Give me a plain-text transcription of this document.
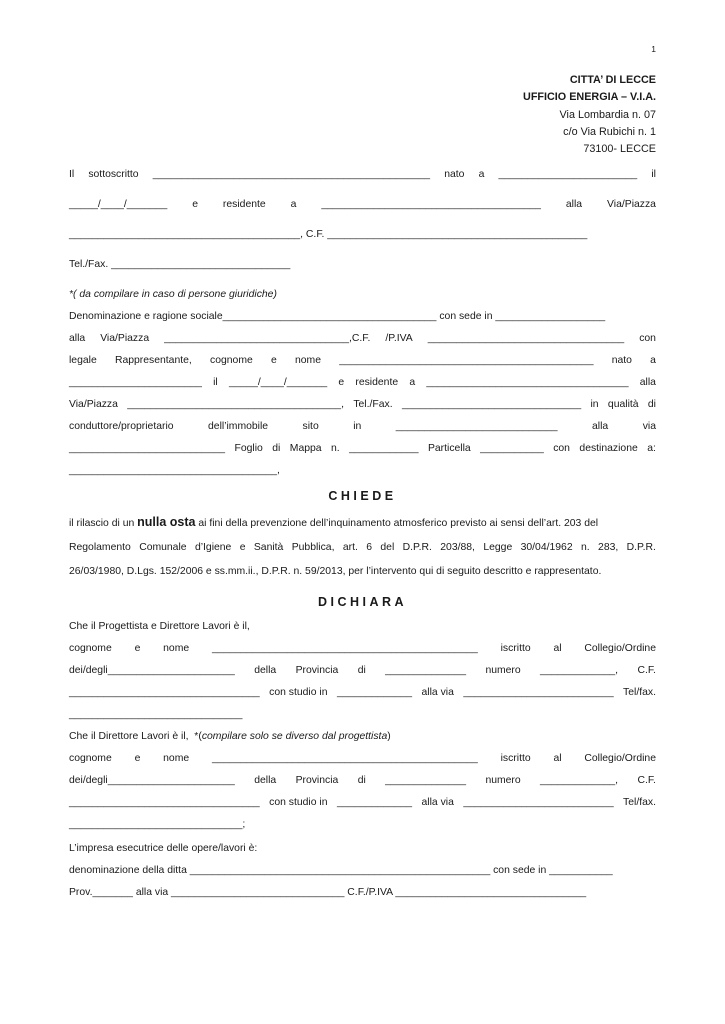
1
CITTA’ DI LECCE
UFFICIO ENERGIA – V.I.A.
Via Lombardia n. 07
c/o Via Rubichi n. 1
73100- LECCE
Il sottoscritto ________________________________________________ nato a ________________________ il
_____/____/_______ e residente a ______________________________________ alla Via/Piazza
________________________________________, C.F. _____________________________________________
Tel./Fax. _______________________________
*( da compilare in caso di persone giuridiche)
Denominazione e ragione sociale_____________________________________ con sede in ___________________
alla Via/Piazza ________________________________,C.F. /P.IVA __________________________________ con
legale Rappresentante, cognome e nome ____________________________________________ nato a
_______________________ il _____/____/_______ e residente a ___________________________________ alla
Via/Piazza _____________________________________, Tel./Fax. _______________________________ in qualità di
conduttore/proprietario	dell’immobile	sito	in	____________________________	alla	via
___________________________ Foglio di Mappa n. ____________ Particella ___________ con destinazione a:
____________________________________,
CHIEDE
il rilascio di un nulla osta ai fini della prevenzione dell’inquinamento atmosferico previsto ai sensi dell’art. 203 del
Regolamento Comunale d’Igiene e Sanità Pubblica, art. 6 del D.P.R. 203/88, Legge 30/04/1962 n. 283, D.P.R.
26/03/1980, D.Lgs. 152/2006 e ss.mm.ii., D.P.R. n. 59/2013, per l’intervento qui di seguito descritto e rappresentato.
DICHIARA
Che il Progettista e Direttore Lavori è il,
cognome e nome ______________________________________________ iscritto al Collegio/Ordine
dei/degli______________________ della Provincia di ______________ numero _____________, C.F.
_________________________________ con studio in _____________ alla via __________________________ Tel/fax.
______________________________
Che il Direttore Lavori è il,  *(compilare solo se diverso dal progettista)
cognome e nome ______________________________________________ iscritto al Collegio/Ordine
dei/degli______________________ della Provincia di ______________ numero _____________, C.F.
_________________________________ con studio in _____________ alla via __________________________ Tel/fax.
______________________________;
L’impresa esecutrice delle opere/lavori è:
denominazione della ditta ____________________________________________________ con sede in ___________
Prov._______ alla via ______________________________ C.F./P.IVA _________________________________
